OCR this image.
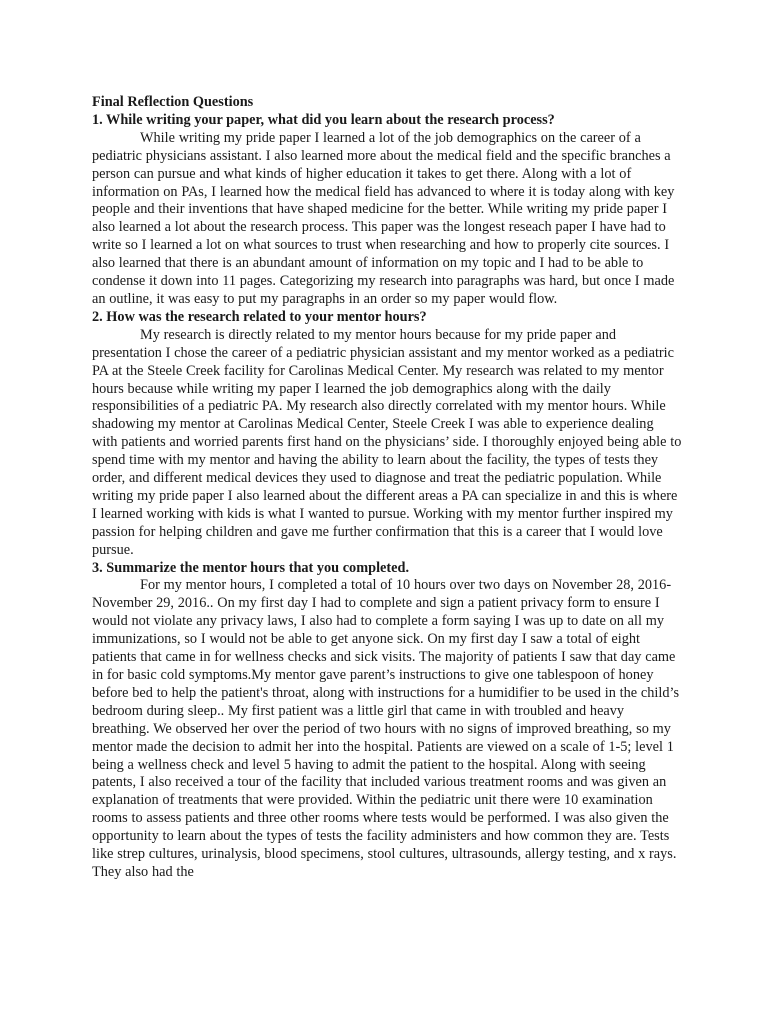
Final Reflection Questions

1. While writing your paper, what did you learn about the research process?

While writing my pride paper I learned a lot of the job demographics on the career of a pediatric physicians assistant. I also learned more about the medical field and the specific branches a person can pursue and what kinds of higher education it takes to get there. Along with a lot of information on PAs, I learned how the medical field has advanced to where it is today along with key people and their inventions that have shaped medicine for the better. While writing my pride paper I also learned a lot about the research process. This paper was the longest reseach paper I have had to write so I learned a lot on what sources to trust when researching and how to properly cite sources. I also learned that there is an abundant amount of information on my topic and I had to be able to condense it down into 11 pages. Categorizing my research into paragraphs was hard, but once I made an outline, it was easy to put my paragraphs in an order so my paper would flow.

2. How was the research related to your mentor hours?

My research is directly related to my mentor hours because for my pride paper and presentation I chose the career of a pediatric physician assistant and my mentor worked as a pediatric PA at the Steele Creek facility for Carolinas Medical Center. My research was related to my mentor hours because while writing my paper I learned the job demographics along with the daily responsibilities of a pediatric PA. My research also directly correlated with my mentor hours. While shadowing my mentor at Carolinas Medical Center, Steele Creek I was able to experience dealing with patients and worried parents first hand on the physicians’ side. I thoroughly enjoyed being able to spend time with my mentor and having the ability to learn about the facility, the types of tests they order, and different medical devices they used to diagnose and treat the pediatric population. While writing my pride paper I also learned about the different areas a PA can specialize in and this is where I learned working with kids is what I wanted to pursue. Working with my mentor further inspired my passion for helping children and gave me further confirmation that this is a career that I would love pursue.

3. Summarize the mentor hours that you completed.

For my mentor hours, I completed a total of 10 hours over two days on November 28, 2016- November 29, 2016.. On my first day I had to complete and sign a patient privacy form to ensure I would not violate any privacy laws, I also had to complete a form saying I was up to date on all my immunizations, so I would not be able to get anyone sick. On my first day I saw a total of eight patients that came in for wellness checks and sick visits. The majority of patients I saw that day came in for basic cold symptoms.My mentor gave parent’s instructions to give one tablespoon of honey before bed to help the patient's throat, along with instructions for a humidifier to be used in the child’s bedroom during sleep.. My first patient was a little girl that came in with troubled and heavy breathing. We observed her over the period of two hours with no signs of improved breathing, so my mentor made the decision to admit her into the hospital. Patients are viewed on a scale of 1-5; level 1 being a wellness check and level 5 having to admit the patient to the hospital. Along with seeing patents, I also received a tour of the facility that included various treatment rooms and was given an explanation of treatments that were provided. Within the pediatric unit there were 10 examination rooms to assess patients and three other rooms where tests would be performed. I was also given the opportunity to learn about the types of tests the facility administers and how common they are. Tests like strep cultures, urinalysis, blood specimens, stool cultures, ultrasounds, allergy testing, and x rays. They also had the
